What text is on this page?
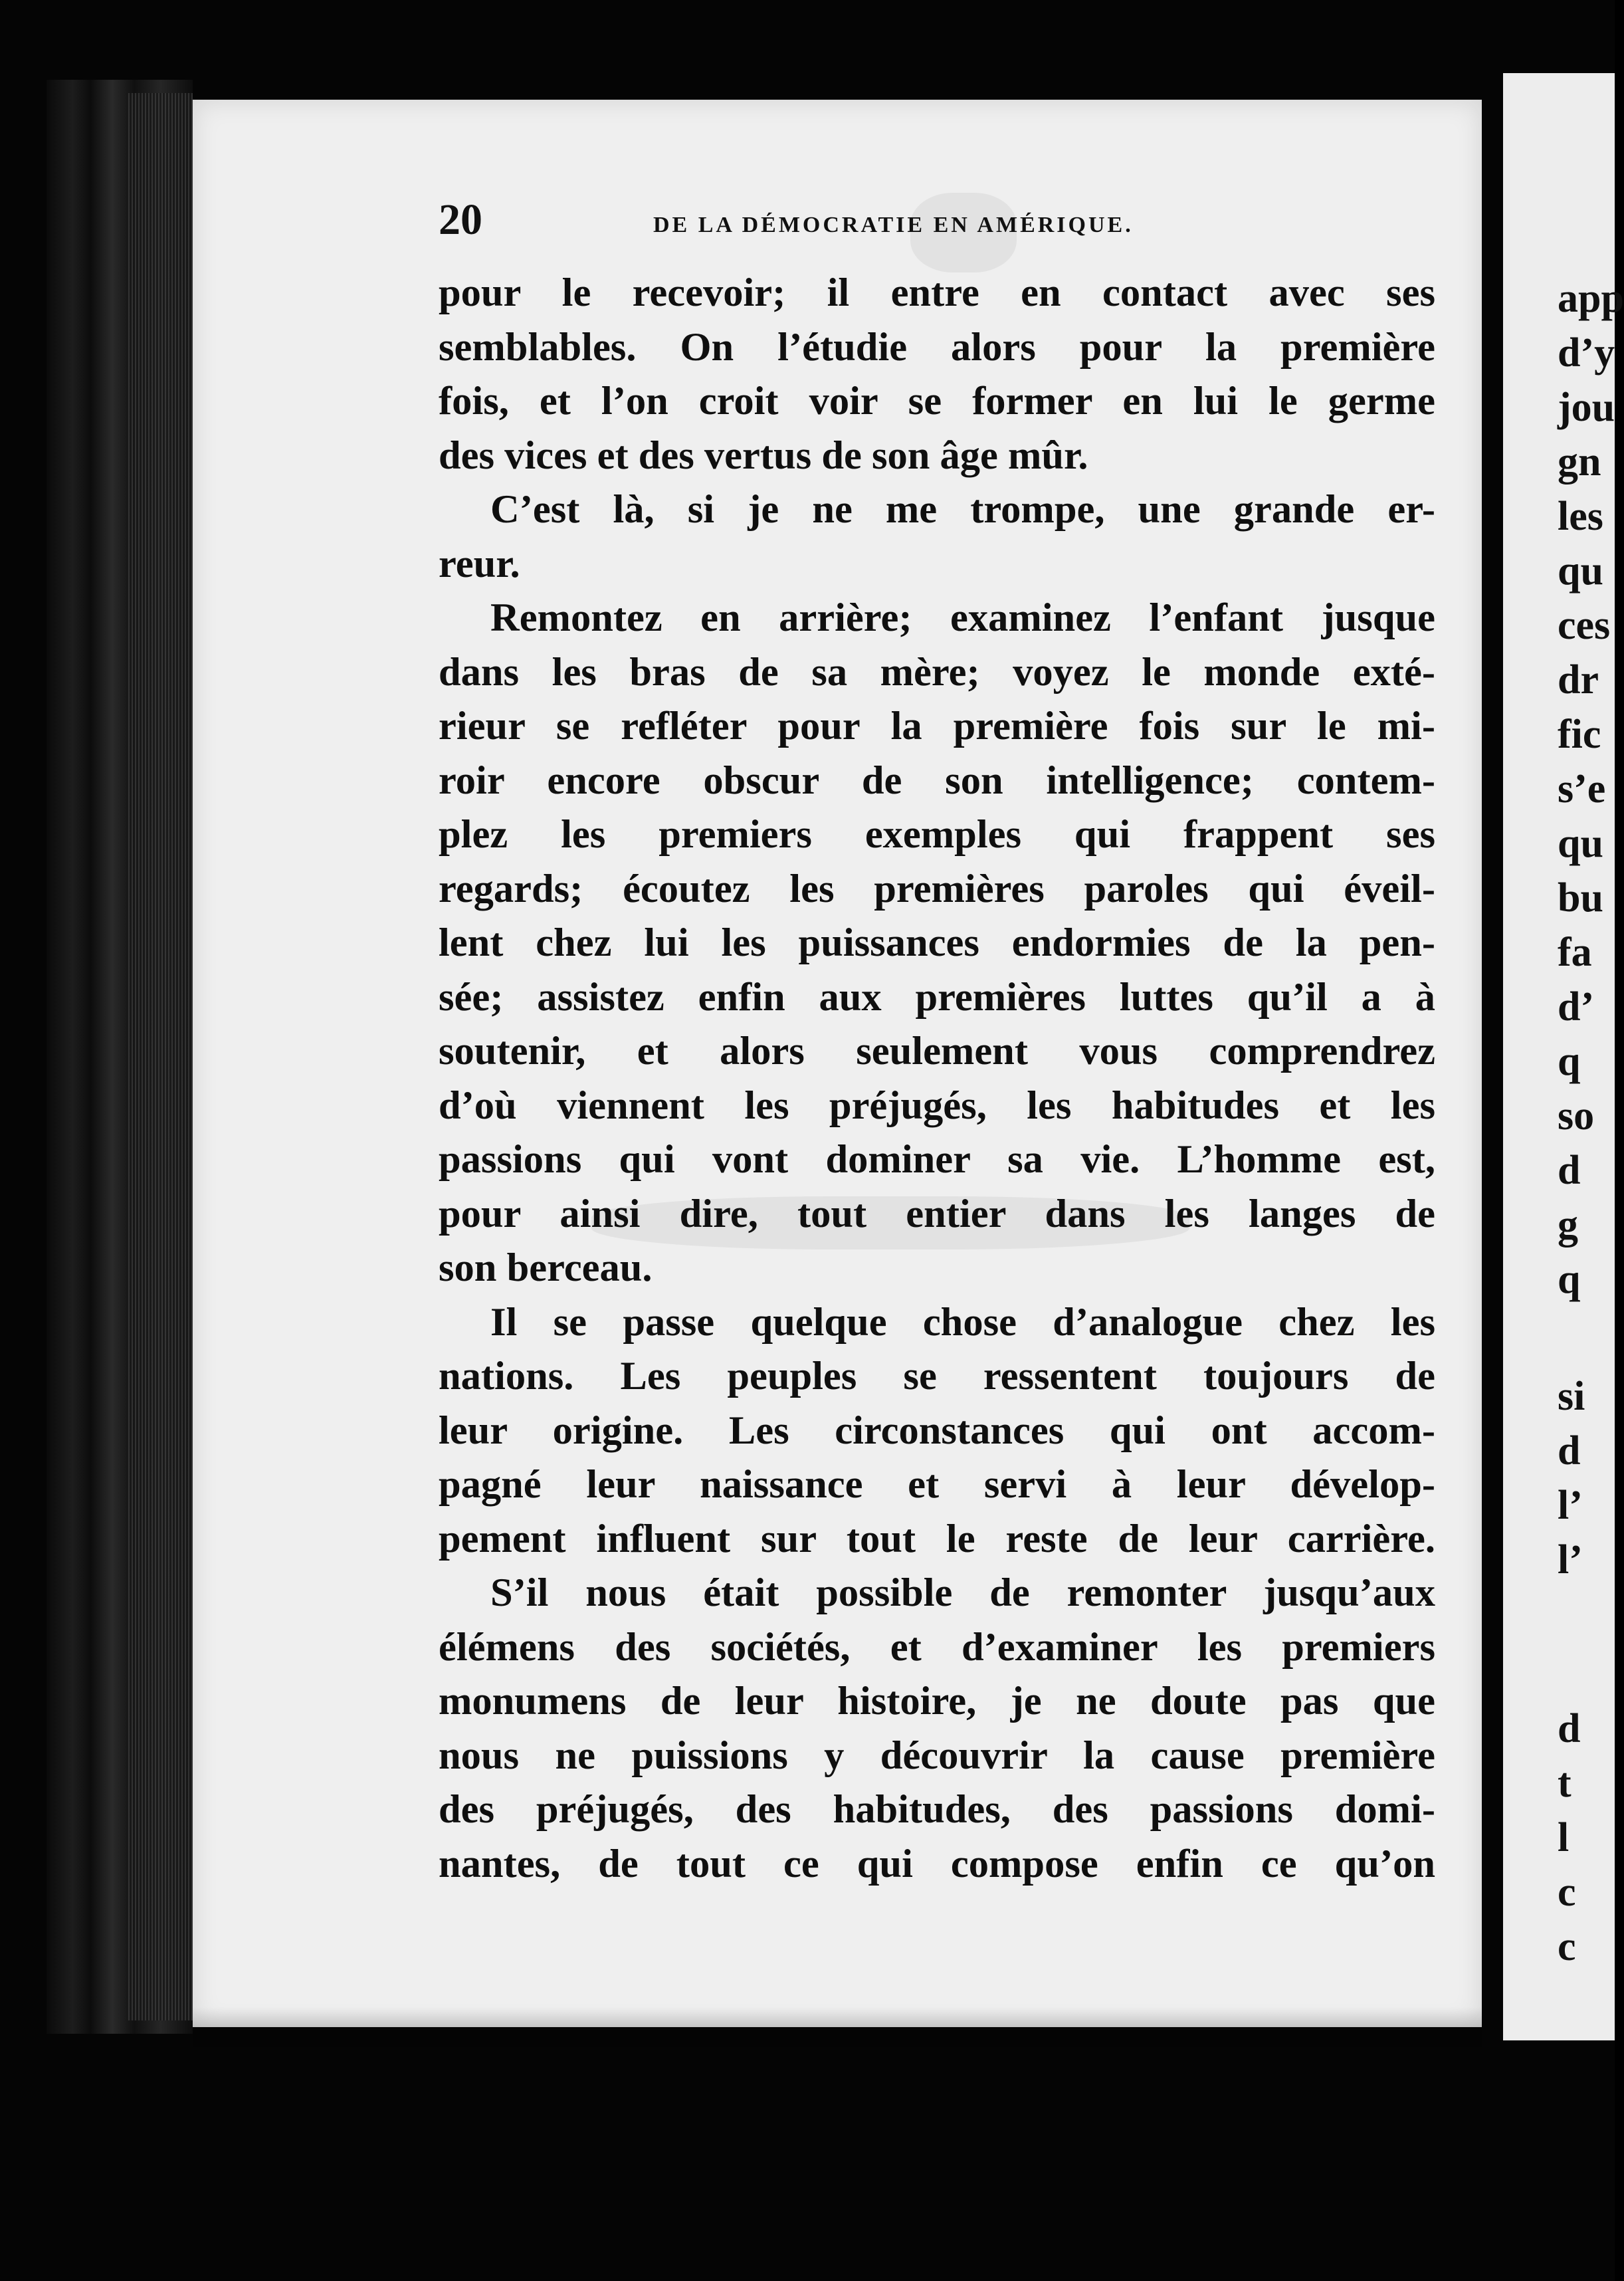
20	DE LA DÉMOCRATIE EN AMÉRIQUE.
pour le recevoir; il entre en contact avec ses
semblables. On l’étudie alors pour la première
fois, et l’on croit voir se former en lui le germe
des vices et des vertus de son âge mûr.
C’est là, si je ne me trompe, une grande er-
reur.
Remontez en arrière; examinez l’enfant jusque
dans les bras de sa mère; voyez le monde exté-
rieur se refléter pour la première fois sur le mi-
roir encore obscur de son intelligence; contem-
plez les premiers exemples qui frappent ses
regards; écoutez les premières paroles qui éveil-
lent chez lui les puissances endormies de la pen-
sée; assistez enfin aux premières luttes qu’il a à
soutenir, et alors seulement vous comprendrez
d’où viennent les préjugés, les habitudes et les
passions qui vont dominer sa vie. L’homme est,
pour ainsi dire, tout entier dans les langes de
son berceau.
Il se passe quelque chose d’analogue chez les
nations. Les peuples se ressentent toujours de
leur origine. Les circonstances qui ont accom-
pagné leur naissance et servi à leur dévelop-
pement influent sur tout le reste de leur carrière.
S’il nous était possible de remonter jusqu’aux
élémens des sociétés, et d’examiner les premiers
monumens de leur histoire, je ne doute pas que
nous ne puissions y découvrir la cause première
des préjugés, des habitudes, des passions domi-
nantes, de tout ce qui compose enfin ce qu’on
app
d’y
jou
gn
les
qu
ces
dr
fic
s’e
qu
bu
fa
d’
q
so
d
g
q
si
d
l’
l’
d
t
l
c
c
